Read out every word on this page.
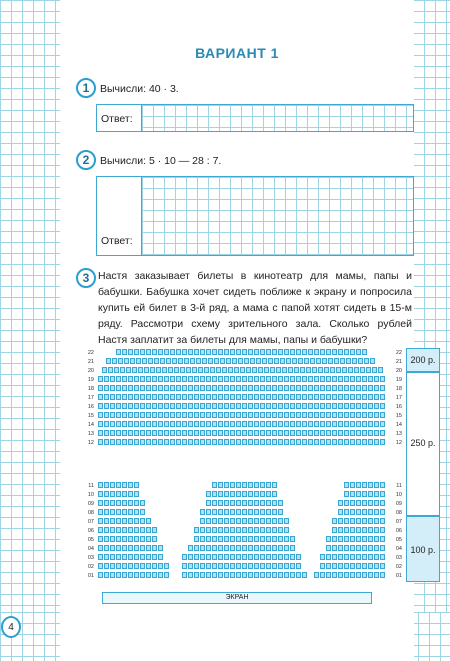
ВАРИАНТ 1
1	Вычисли: 40 · 3.
Ответ:
2	Вычисли: 5 · 10 — 28 : 7.
Ответ:
3 Настя заказывает билеты в кинотеатр для мамы, папы и бабушки. Бабушка хочет сидеть поближе к экрану и попросила купить ей билет в 3-й ряд, а мама с папой хотят сидеть в 15-м ряду. Рассмотри схему зрительного зала. Сколько рублей Настя заплатит за билеты для мамы, папы и бабушки?
22
21
20
19
18
17
16
15
14
13
12
11
10
09
08
07
06
05
04
03
02
01
22
21
20
19
18
17
16
15
14
13
12
11
10
09
08
07
06
05
04
03
02
01
200 р.
250 р.
100 р.
ЭКРАН
4
